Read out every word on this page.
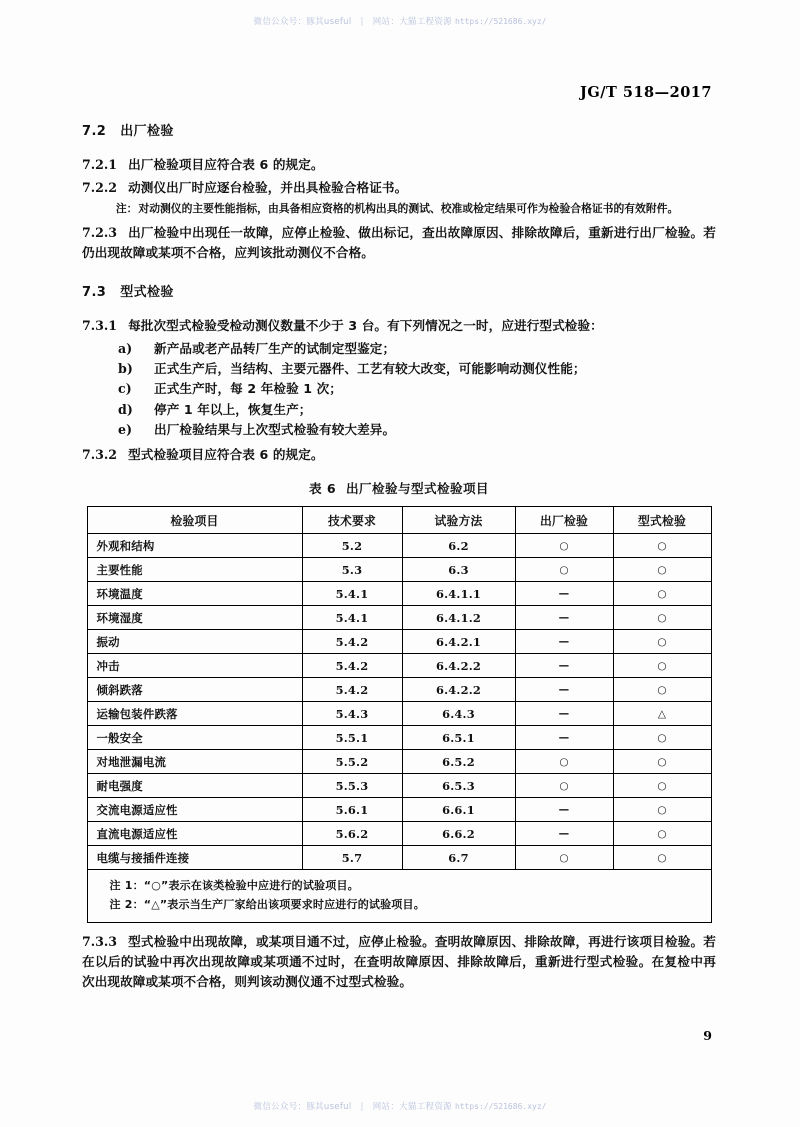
微信公众号：豚其useful | 网站：大猫工程资源 https://521686.xyz/
JG/T 518—2017
7.2 出厂检验

7.2.1 出厂检验项目应符合表 6 的规定。

7.2.2 动测仪出厂时应逐台检验，并出具检验合格证书。

注：对动测仪的主要性能指标，由具备相应资格的机构出具的测试、校准或检定结果可作为检验合格证书的有效附件。

7.2.3 出厂检验中出现任一故障，应停止检验、做出标记，查出故障原因、排除故障后，重新进行出厂检验。若仍出现故障或某项不合格，应判该批动测仪不合格。

7.3 型式检验

7.3.1 每批次型式检验受检动测仪数量不少于 3 台。有下列情况之一时，应进行型式检验：

a) 新产品或老产品转厂生产的试制定型鉴定；
b) 正式生产后，当结构、主要元器件、工艺有较大改变，可能影响动测仪性能；
c) 正式生产时，每 2 年检验 1 次；
d) 停产 1 年以上，恢复生产；
e) 出厂检验结果与上次型式检验有较大差异。

7.3.2 型式检验项目应符合表 6 的规定。

表 6 出厂检验与型式检验项目
检验项目	技术要求	试验方法	出厂检验	型式检验
外观和结构	5.2	6.2	○	○
主要性能	5.3	6.3	○	○
环境温度	5.4.1	6.4.1.1	—	○
环境湿度	5.4.1	6.4.1.2	—	○
振动	5.4.2	6.4.2.1	—	○
冲击	5.4.2	6.4.2.2	—	○
倾斜跌落	5.4.2	6.4.2.2	—	○
运输包装件跌落	5.4.3	6.4.3	—	△
一般安全	5.5.1	6.5.1	—	○
对地泄漏电流	5.5.2	6.5.2	○	○
耐电强度	5.5.3	6.5.3	○	○
交流电源适应性	5.6.1	6.6.1	—	○
直流电源适应性	5.6.2	6.6.2	—	○
电缆与接插件连接	5.7	6.7	○	○

注 1：“○”表示在该类检验中应进行的试验项目。
注 2：“△”表示当生产厂家给出该项要求时应进行的试验项目。				

7.3.3 型式检验中出现故障，或某项目通不过，应停止检验。查明故障原因、排除故障，再进行该项目检验。若在以后的试验中再次出现故障或某项通不过时，在查明故障原因、排除故障后，重新进行型式检验。在复检中再次出现故障或某项不合格，则判该动测仪通不过型式检验。

9
微信公众号：豚其useful | 网站：大猫工程资源 https://521686.xyz/
